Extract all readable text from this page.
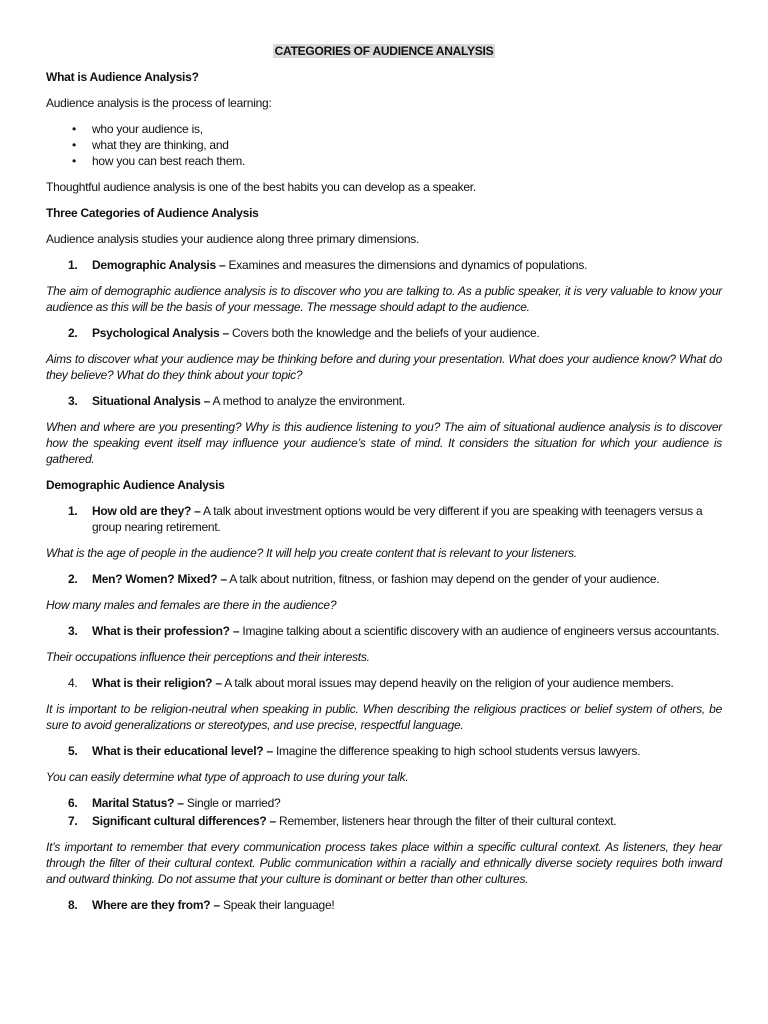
CATEGORIES OF AUDIENCE ANALYSIS
What is Audience Analysis?
Audience analysis is the process of learning:
• who your audience is,
• what they are thinking, and
• how you can best reach them.
Thoughtful audience analysis is one of the best habits you can develop as a speaker.
Three Categories of Audience Analysis
Audience analysis studies your audience along three primary dimensions.
1.	Demographic Analysis – Examines and measures the dimensions and dynamics of populations.
The aim of demographic audience analysis is to discover who you are talking to. As a public speaker, it is very valuable to know your audience as this will be the basis of your message. The message should adapt to the audience.
2.	Psychological Analysis – Covers both the knowledge and the beliefs of your audience.
Aims to discover what your audience may be thinking before and during your presentation. What does your audience know? What do they believe? What do they think about your topic?
3.	Situational Analysis – A method to analyze the environment.
When and where are you presenting? Why is this audience listening to you? The aim of situational audience analysis is to discover how the speaking event itself may influence your audience’s state of mind. It considers the situation for which your audience is gathered.
Demographic Audience Analysis
1.	How old are they? – A talk about investment options would be very different if you are speaking with teenagers versus a group nearing retirement.
What is the age of people in the audience? It will help you create content that is relevant to your listeners.
2.	Men? Women? Mixed? – A talk about nutrition, fitness, or fashion may depend on the gender of your audience.
How many males and females are there in the audience?
3.	What is their profession? – Imagine talking about a scientific discovery with an audience of engineers versus accountants.
Their occupations influence their perceptions and their interests.
4.	What is their religion? – A talk about moral issues may depend heavily on the religion of your audience members.
It is important to be religion-neutral when speaking in public. When describing the religious practices or belief system of others, be sure to avoid generalizations or stereotypes, and use precise, respectful language.
5.	What is their educational level? – Imagine the difference speaking to high school students versus lawyers.
You can easily determine what type of approach to use during your talk.
6.	Marital Status? – Single or married?
7.	Significant cultural differences? – Remember, listeners hear through the filter of their cultural context.
It’s important to remember that every communication process takes place within a specific cultural context. As listeners, they hear through the filter of their cultural context. Public communication within a racially and ethnically diverse society requires both inward and outward thinking. Do not assume that your culture is dominant or better than other cultures.
8.	Where are they from? – Speak their language!
